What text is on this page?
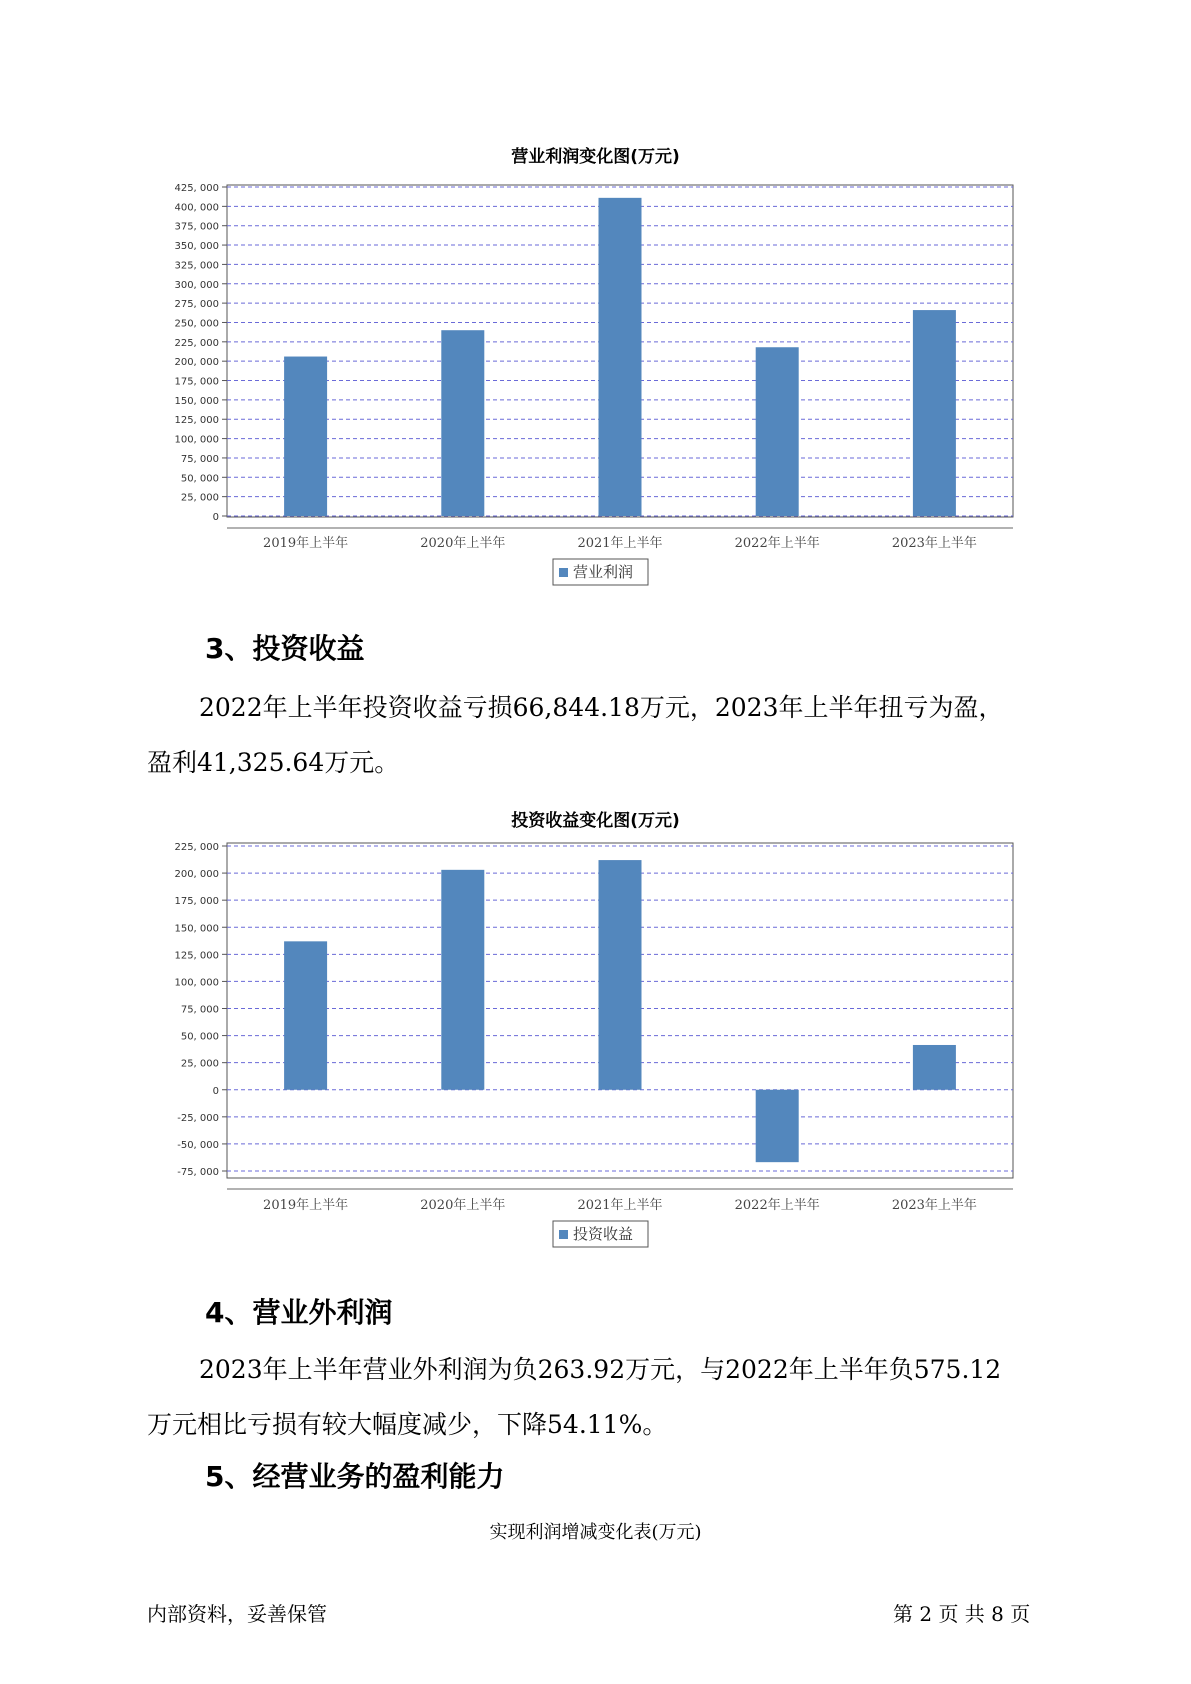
营业利润变化图(万元)
0
25, 000
50, 000
75, 000
100, 000
125, 000
150, 000
175, 000
200, 000
225, 000
250, 000
275, 000
300, 000
325, 000
350, 000
375, 000
400, 000
425, 000
2019年上半年	2020年上半年	2021年上半年	2022年上半年	2023年上半年
营业利润
3、投资收益
2022年上半年投资收益亏损66,844.18万元，2023年上半年扭亏为盈，
盈利41,325.64万元。
投资收益变化图(万元)
-75, 000
-50, 000
-25, 000
0
25, 000
50, 000
75, 000
100, 000
125, 000
150, 000
175, 000
200, 000
225, 000
2019年上半年	2020年上半年	2021年上半年	2022年上半年	2023年上半年
投资收益
4、营业外利润
2023年上半年营业外利润为负263.92万元，与2022年上半年负575.12
万元相比亏损有较大幅度减少，下降54.11%。
5、经营业务的盈利能力
实现利润增减变化表(万元)
内部资料，妥善保管	第 2 页 共 8 页
